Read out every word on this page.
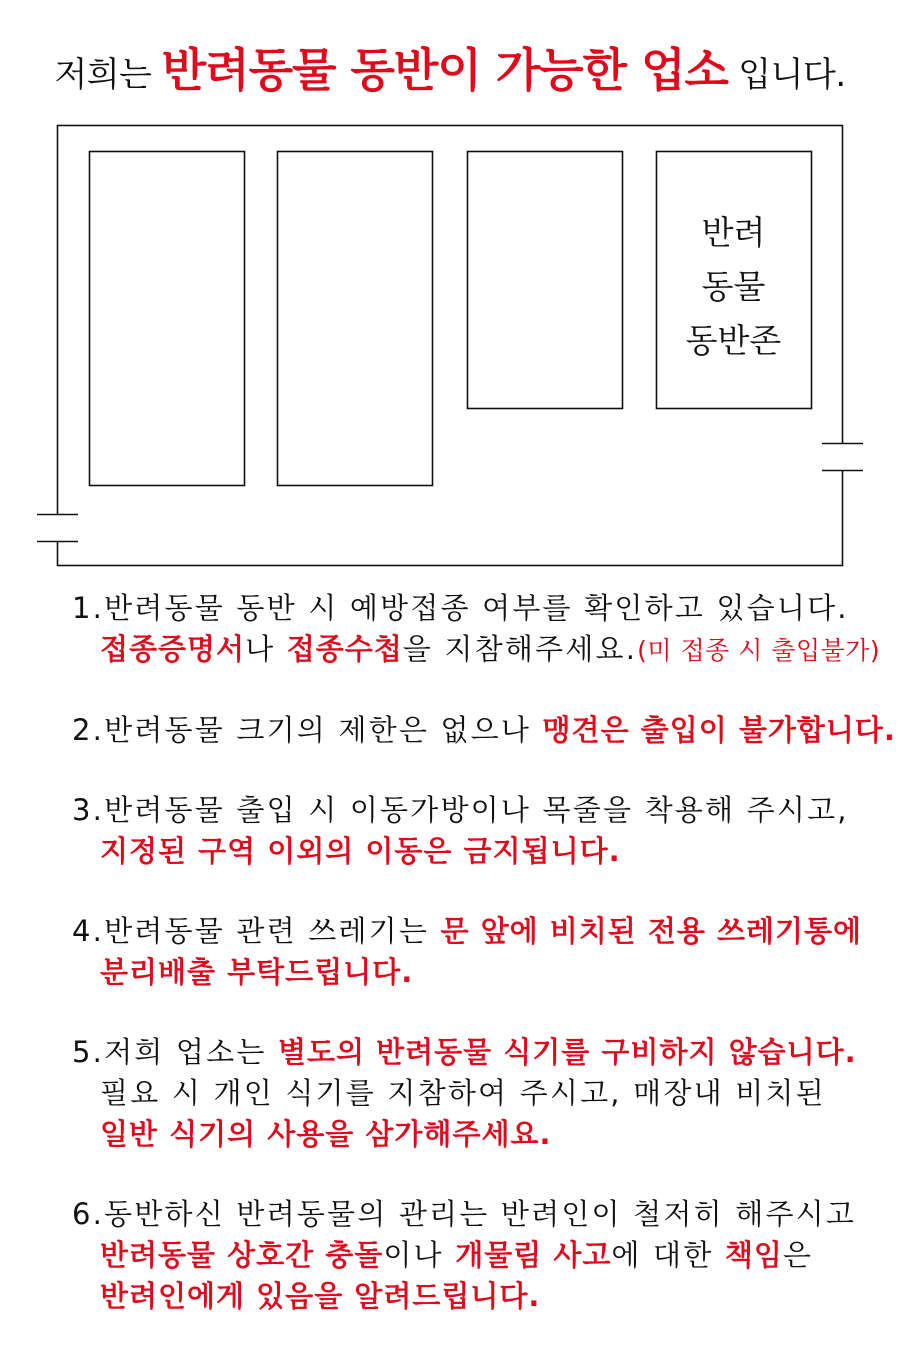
저희는 반려동물 동반이 가능한 업소 입니다.
반려
동물
동반존
1.반려동물 동반 시 예방접종 여부를 확인하고 있습니다.
접종증명서나 접종수첩을 지참해주세요.(미 접종 시 출입불가)
2.반려동물 크기의 제한은 없으나 맹견은 출입이 불가합니다.
3.반려동물 출입 시 이동가방이나 목줄을 착용해 주시고,
지정된 구역 이외의 이동은 금지됩니다.
4.반려동물 관련 쓰레기는 문 앞에 비치된 전용 쓰레기통에
분리배출 부탁드립니다.
5.저희 업소는 별도의 반려동물 식기를 구비하지 않습니다.
필요 시 개인 식기를 지참하여 주시고, 매장내 비치된
일반 식기의 사용을 삼가해주세요.
6.동반하신 반려동물의 관리는 반려인이 철저히 해주시고
반려동물 상호간 충돌이나 개물림 사고에 대한 책임은
반려인에게 있음을 알려드립니다.
